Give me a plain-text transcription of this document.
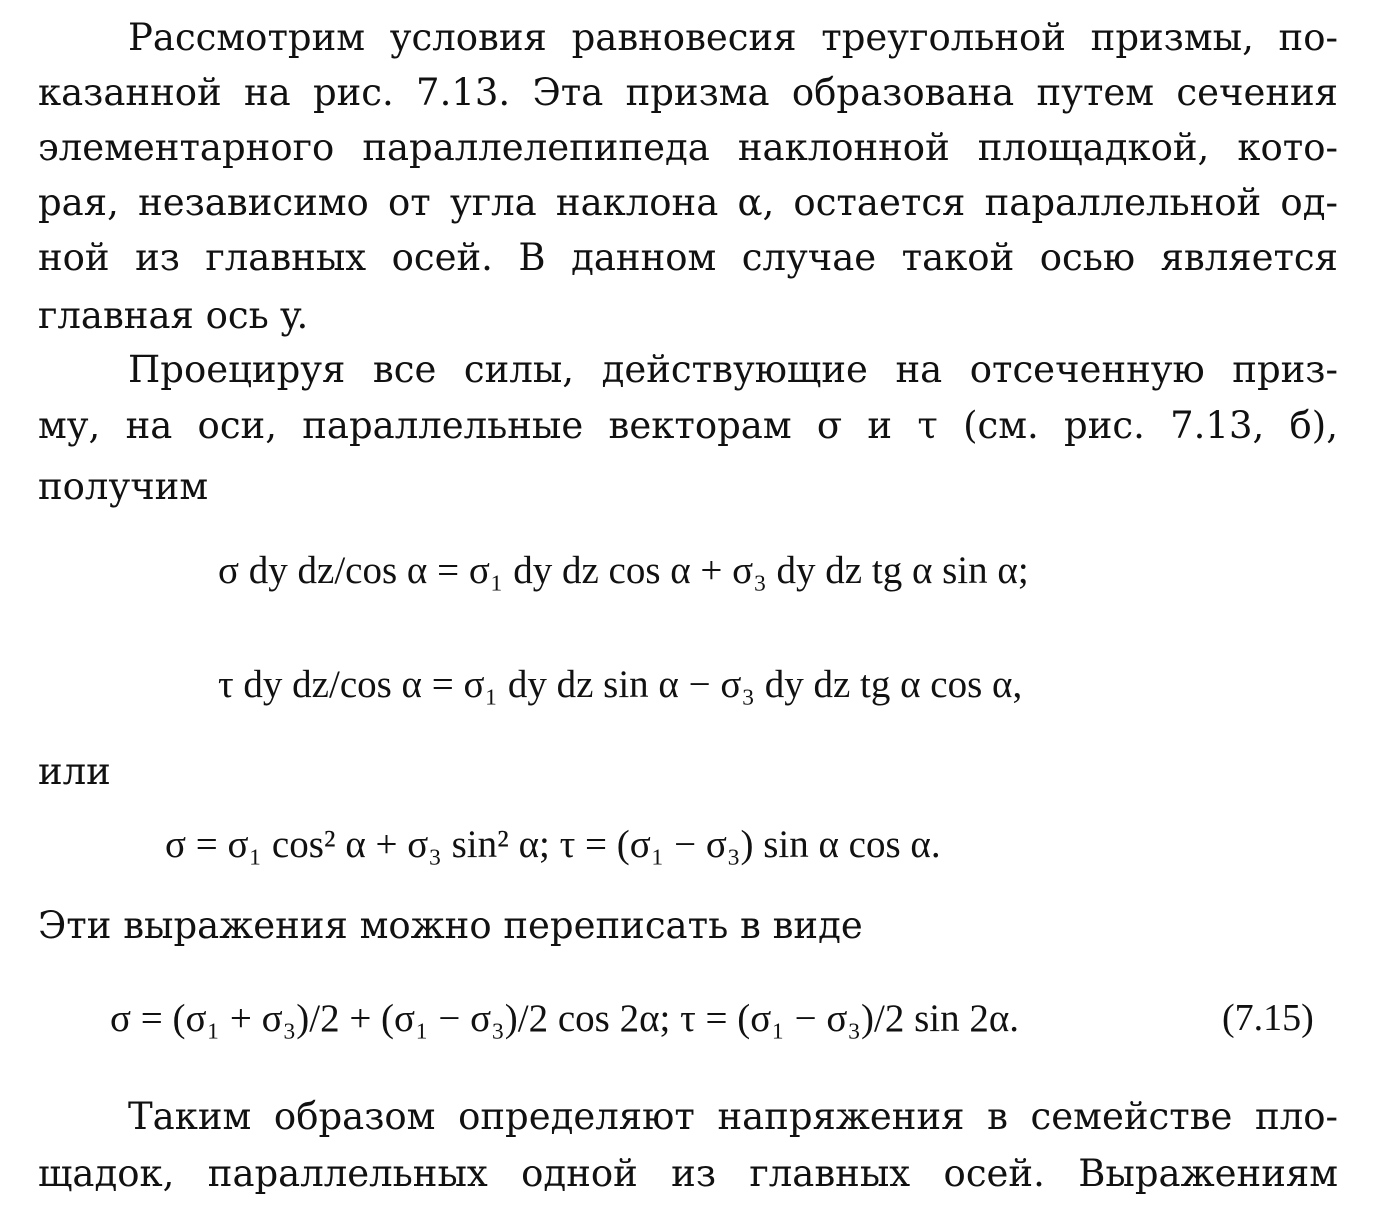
Рассмотрим условия равновесия треугольной призмы, по-
казанной на рис. 7.13. Эта призма образована путем сечения
элементарного параллелепипеда наклонной площадкой, кото-
рая, независимо от угла наклона α, остается параллельной од-
ной из главных осей. В данном случае такой осью является
главная ось y.
Проецируя все силы, действующие на отсеченную приз-
му, на оси, параллельные векторам σ и τ (см. рис. 7.13, б),
получим
σ dy dz/cos α = σ₁ dy dz cos α + σ₃ dy dz tg α sin α;
τ dy dz/cos α = σ₁ dy dz sin α − σ₃ dy dz tg α cos α,
или
σ = σ₁ cos² α + σ₃ sin² α; τ = (σ₁ − σ₃) sin α cos α.
Эти выражения можно переписать в виде
σ = (σ₁ + σ₃)/2 + (σ₁ − σ₃)/2 cos 2α; τ = (σ₁ − σ₃)/2 sin 2α.	(7.15)
Таким образом определяют напряжения в семействе пло-
щадок, параллельных одной из главных осей. Выражениям
